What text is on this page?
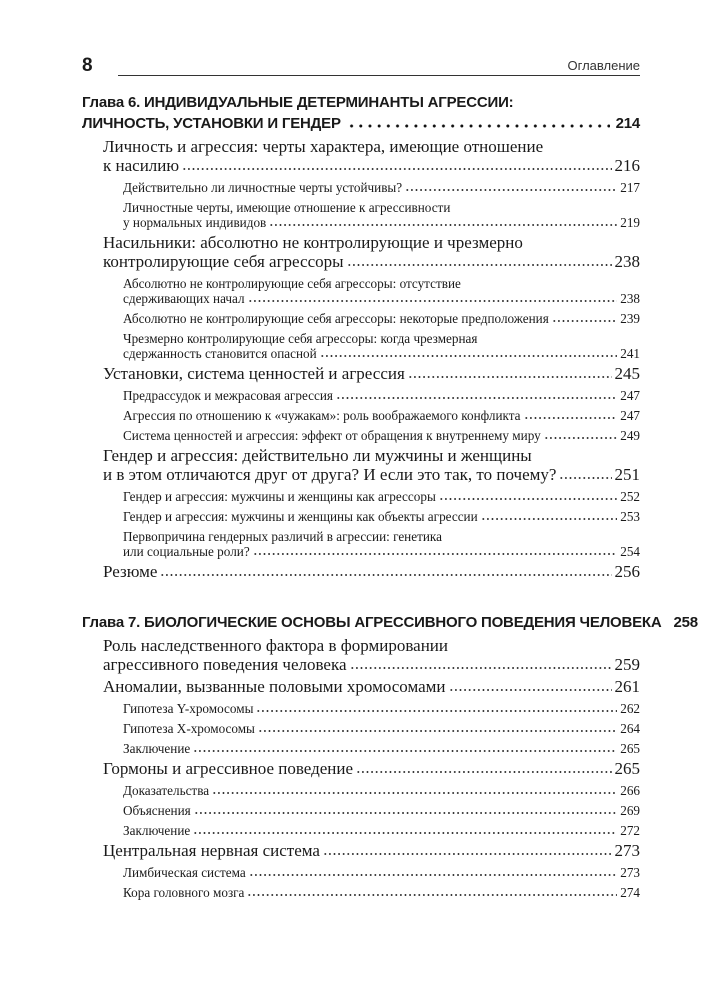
8	Оглавление
Глава 6. ИНДИВИДУАЛЬНЫЕ ДЕТЕРМИНАНТЫ АГРЕССИИ:
ЛИЧНОСТЬ, УСТАНОВКИ И ГЕНДЕР	214
Личность и агрессия: черты характера, имеющие отношение
к насилию	216
Действительно ли личностные черты устойчивы?	217
Личностные черты, имеющие отношение к агрессивности
у нормальных индивидов	219
Насильники: абсолютно не контролирующие и чрезмерно
контролирующие себя агрессоры	238
Абсолютно не контролирующие себя агрессоры: отсутствие
сдерживающих начал	238
Абсолютно не контролирующие себя агрессоры: некоторые предположения	239
Чрезмерно контролирующие себя агрессоры: когда чрезмерная
сдержанность становится опасной	241
Установки, система ценностей и агрессия	245
Предрассудок и межрасовая агрессия	247
Агрессия по отношению к «чужакам»: роль воображаемого конфликта	247
Система ценностей и агрессия: эффект от обращения к внутреннему миру	249
Гендер и агрессия: действительно ли мужчины и женщины
и в этом отличаются друг от друга? И если это так, то почему?	251
Гендер и агрессия: мужчины и женщины как агрессоры	252
Гендер и агрессия: мужчины и женщины как объекты агрессии	253
Первопричина гендерных различий в агрессии: генетика
или социальные роли?	254
Резюме	256
Глава 7. БИОЛОГИЧЕСКИЕ ОСНОВЫ АГРЕССИВНОГО ПОВЕДЕНИЯ ЧЕЛОВЕКА 258
Роль наследственного фактора в формировании
агрессивного поведения человека	259
Аномалии, вызванные половыми хромосомами	261
Гипотеза Y-хромосомы	262
Гипотеза X-хромосомы	264
Заключение	265
Гормоны и агрессивное поведение	265
Доказательства	266
Объяснения	269
Заключение	272
Центральная нервная система	273
Лимбическая система	273
Кора головного мозга	274
